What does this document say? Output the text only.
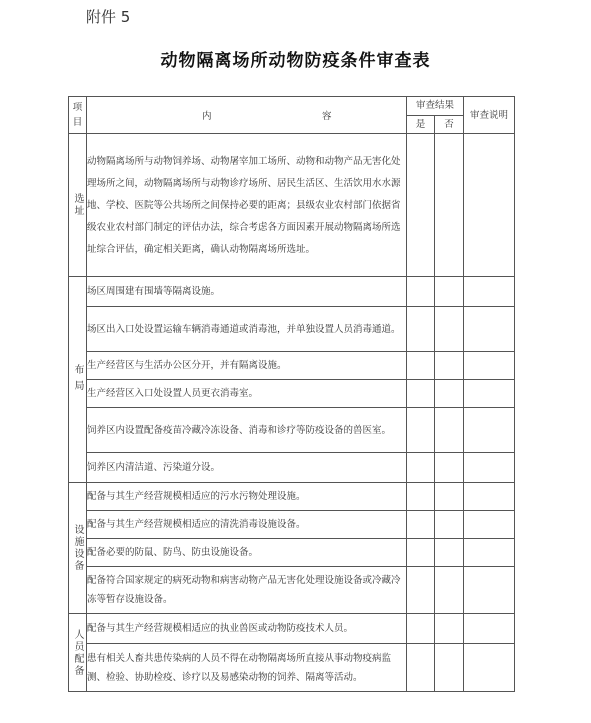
附件 5
动物隔离场所动物防疫条件审查表
项目	内 容	审查结果		审查说明
		是	否	

选址	动物隔离场所与动物饲养场、动物屠宰加工场所、动物和动物产品无害化处理场所之间，动物隔离场所与动物诊疗场所、居民生活区、生活饮用水水源地、学校、医院等公共场所之间保持必要的距离；县级农业农村部门依据省级农业农村部门制定的评估办法，综合考虑各方面因素开展动物隔离场所选址综合评估，确定相关距离，确认动物隔离场所选址。			

布局	场区周围建有围墙等隔离设施。			
	场区出入口处设置运输车辆消毒通道或消毒池，并单独设置人员消毒通道。			
	生产经营区与生活办公区分开，并有隔离设施。			
	生产经营区入口处设置人员更衣消毒室。			
	饲养区内设置配备疫苗冷藏冷冻设备、消毒和诊疗等防疫设备的兽医室。			
	饲养区内清洁道、污染道分设。			

设施设备	配备与其生产经营规模相适应的污水污物处理设施。			
	配备与其生产经营规模相适应的清洗消毒设施设备。			
	配备必要的防鼠、防鸟、防虫设施设备。			
	配备符合国家规定的病死动物和病害动物产品无害化处理设施设备或冷藏冷冻等暂存设施设备。			

人员配备	配备与其生产经营规模相适应的执业兽医或动物防疫技术人员。			
	患有相关人畜共患传染病的人员不得在动物隔离场所直接从事动物疫病监测、检验、协助检疫、诊疗以及易感染动物的饲养、隔离等活动。			
